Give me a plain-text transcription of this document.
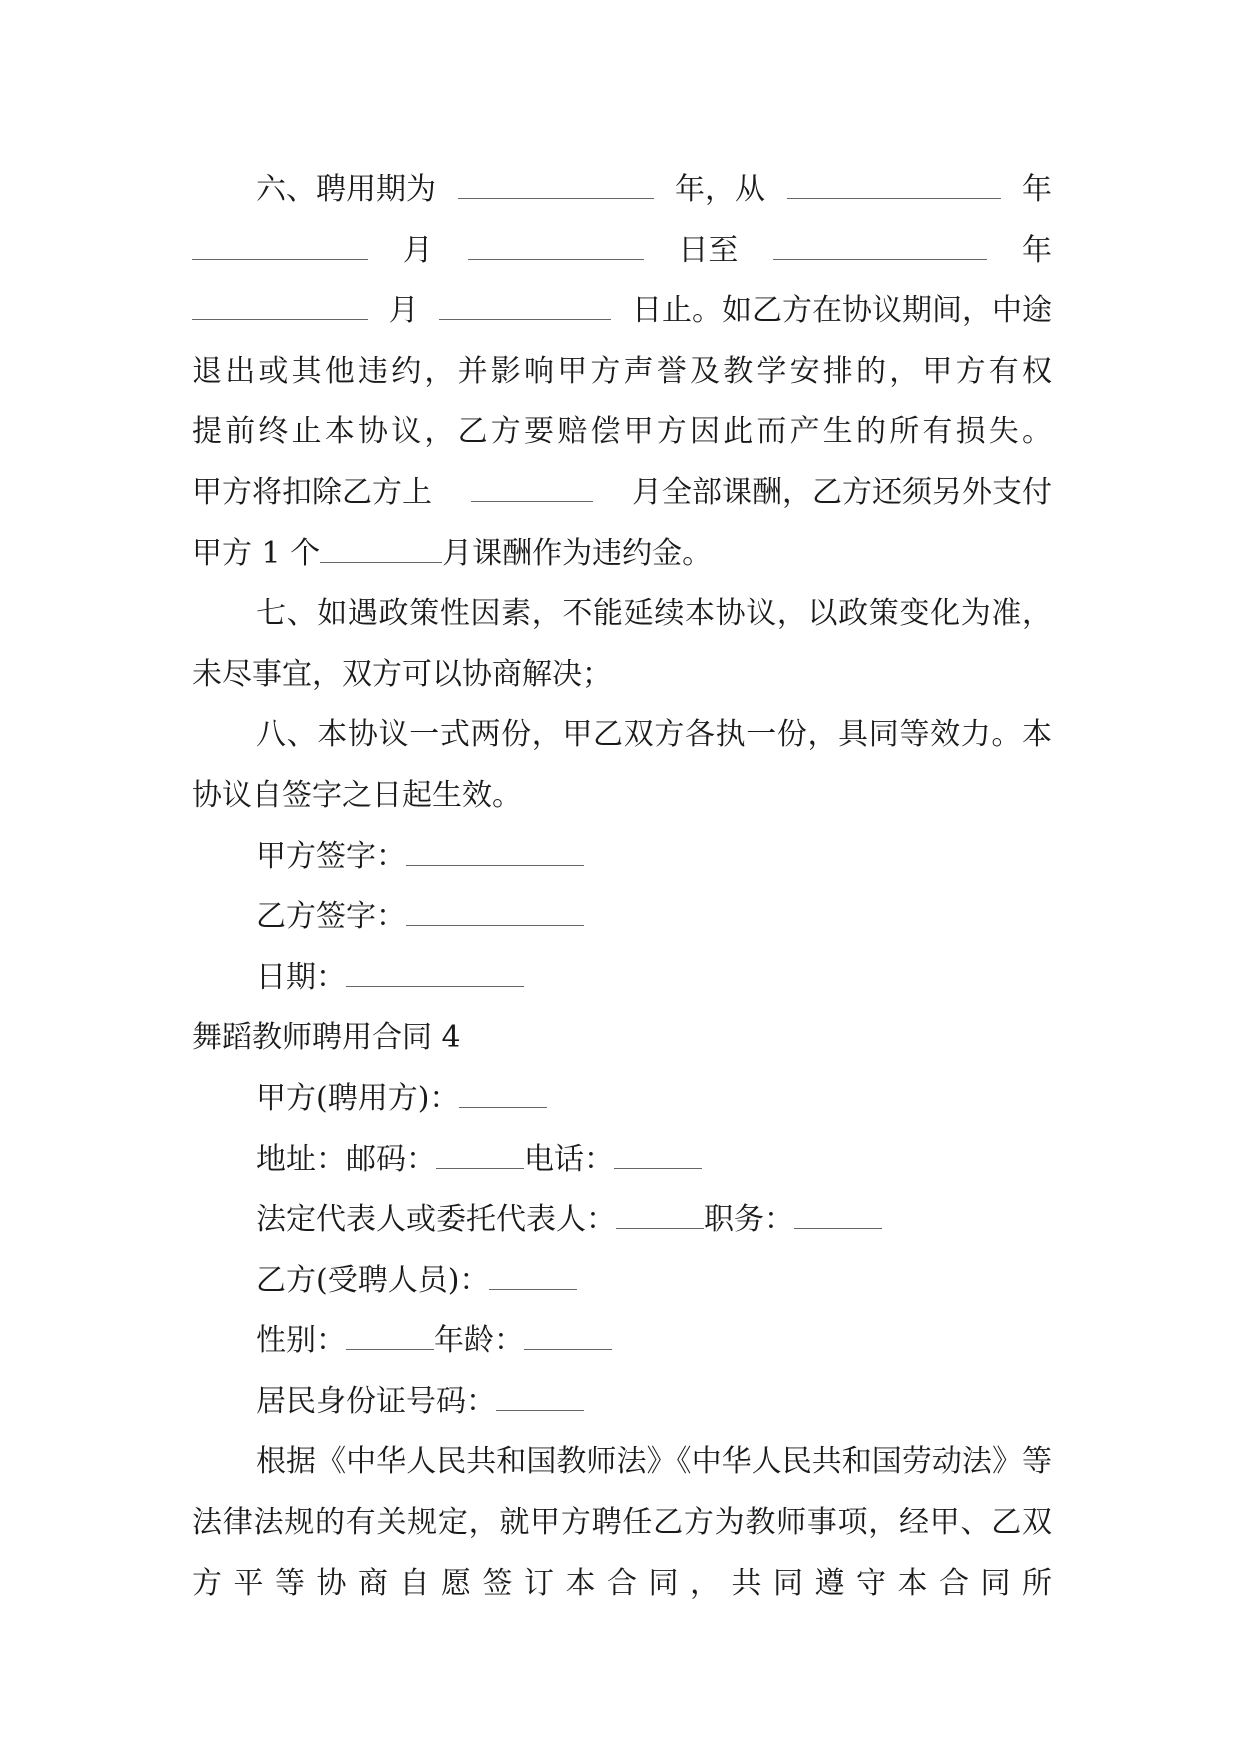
六、聘用期为	年，从	年
月	日至	年
月	日止。如乙方在协议期间，中途
退出或其他违约，并影响甲方声誉及教学安排的，甲方有权
提前终止本协议，乙方要赔偿甲方因此而产生的所有损失。
甲方将扣除乙方上	月全部课酬，乙方还须另外支付
甲方 1 个	月课酬作为违约金。
七、如遇政策性因素，不能延续本协议，以政策变化为准，未尽事宜，双方可以协商解决；
八、本协议一式两份，甲乙双方各执一份，具同等效力。本协议自签字之日起生效。
甲方签字：
乙方签字：
日期：
舞蹈教师聘用合同 4
甲方(聘用方)：
地址：邮码：	电话：
法定代表人或委托代表人：	职务：
乙方(受聘人员)：
性别：	年龄：
居民身份证号码：
根据《中华人民共和国教师法》《中华人民共和国劳动法》等法律法规的有关规定，就甲方聘任乙方为教师事项，经甲、乙双方平等协商自愿签订本合同，共同遵守本合同所
